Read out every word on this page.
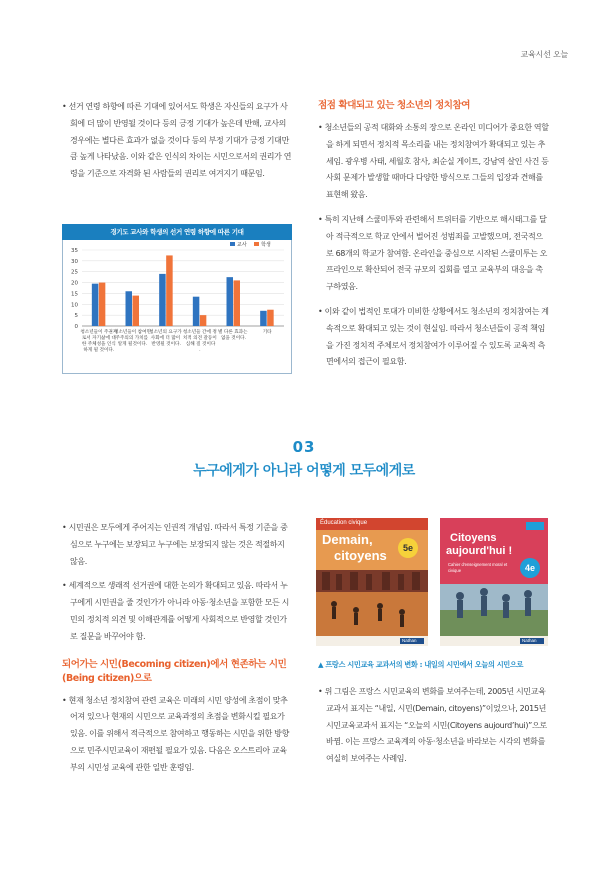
교육시선 오늘
• 선거 연령 하향에 따른 기대에 있어서도 학생은 자신들의 요구가 사회에 더 많이 반영될 것이다 등의 긍정 기대가 높은데 반해, 교사의 경우에는 별다른 효과가 없을 것이다 등의 부정 기대가 긍정 기대만큼 높게 나타났음. 이와 같은 인식의 차이는 시민으로서의 권리가 연령을 기준으로 자격화 된 사람들의 권리로 여겨지기 때문임.
경기도 교사와 학생의 선거 연령 하향에 따른 기대
35
30
25
20
15
10
5
0
청소년들이 주권자 로서 자기삶에 대 한 주체성을 인식 하게 될 것이다.
청소년들이 참여민 주주의의 가치를 알게 될것이다.
청소년의 요구가 사회에 더 많이 반영될 것이다.
청소년들 간에 정 치적 의견 갈등이 심해 질 것이다 .
별 다른 효과는 없을 것이다.
기타
교사	학생
점점 확대되고 있는 청소년의 정치참여
• 청소년들의 공적 대화와 소통의 장으로 온라인 미디어가 중요한 역할을 하게 되면서 정치적 목소리를 내는 정치참여가 확대되고 있는 추세임. 광우병 사태, 세월호 참사, 최순실 게이트, 강남역 살인 사건 등 사회 문제가 발생할 때마다 다양한 방식으로 그들의 입장과 견해를 표현해 왔음.
• 특히 지난해 스쿨미투와 관련해서 트위터를 기반으로 해시태그를 달아 적극적으로 학교 안에서 벌어진 성범죄를 고발했으며, 전국적으로 68개의 학교가 참여함. 온라인을 중심으로 시작된 스쿨미투는 오프라인으로 확산되어 전국 규모의 집회를 열고 교육부의 대응을 촉구하였음.
• 이와 같이 법적인 토대가 미비한 상황에서도 청소년의 정치참여는 계속적으로 확대되고 있는 것이 현실임. 따라서 청소년들이 공적 책임을 가진 정치적 주체로서 정치참여가 이루어질 수 있도록 교육적 측면에서의 접근이 필요함.
03
누구에게가 아니라 어떻게 모두에게로
• 시민권은 모두에게 주어지는 인권적 개념임. 따라서 특정 기준을 중심으로 누구에는 보장되고 누구에는 보장되지 않는 것은 적절하지 않음.
• 세계적으로 생래적 선거권에 대한 논의가 확대되고 있음. 따라서 누구에게 시민권을 줄 것인가가 아니라 아동·청소년을 포함한 모든 시민의 정치적 의견 및 이해관계를 어떻게 사회적으로 반영할 것인가로 질문을 바꾸어야 함.
되어가는 시민(Becoming citizen)에서 현존하는 시민
(Being citizen)으로
• 현재 청소년 정치참여 관련 교육은 미래의 시민 양성에 초점이 맞추어져 있으나 현재의 시민으로 교육과정의 초점을 변화시킬 필요가 있음. 이를 위해서 적극적으로 참여하고 행동하는 시민을 위한 방향으로 민주시민교육이 재편될 필요가 있음. 다음은 오스트리아 교육부의 시민성 교육에 관한 일반 훈령임.
Éducation civique
Demain,
citoyens	5e
Nathan
Citoyens
aujourd'hui !
4e
Cahier d'enseignement moral et civique
Nathan
▲ 프랑스 시민교육 교과서의 변화 : 내일의 시민에서 오늘의 시민으로
• 위 그림은 프랑스 시민교육의 변화를 보여주는데, 2005년 시민교육 교과서 표지는 “내일, 시민(Demain, citoyens)”이었으나, 2015년 시민교육교과서 표지는 “오늘의 시민(Citoyens aujourd’hui)”으로 바뀜. 이는 프랑스 교육계의 아동·청소년을 바라보는 시각의 변화를 여실히 보여주는 사례임.
